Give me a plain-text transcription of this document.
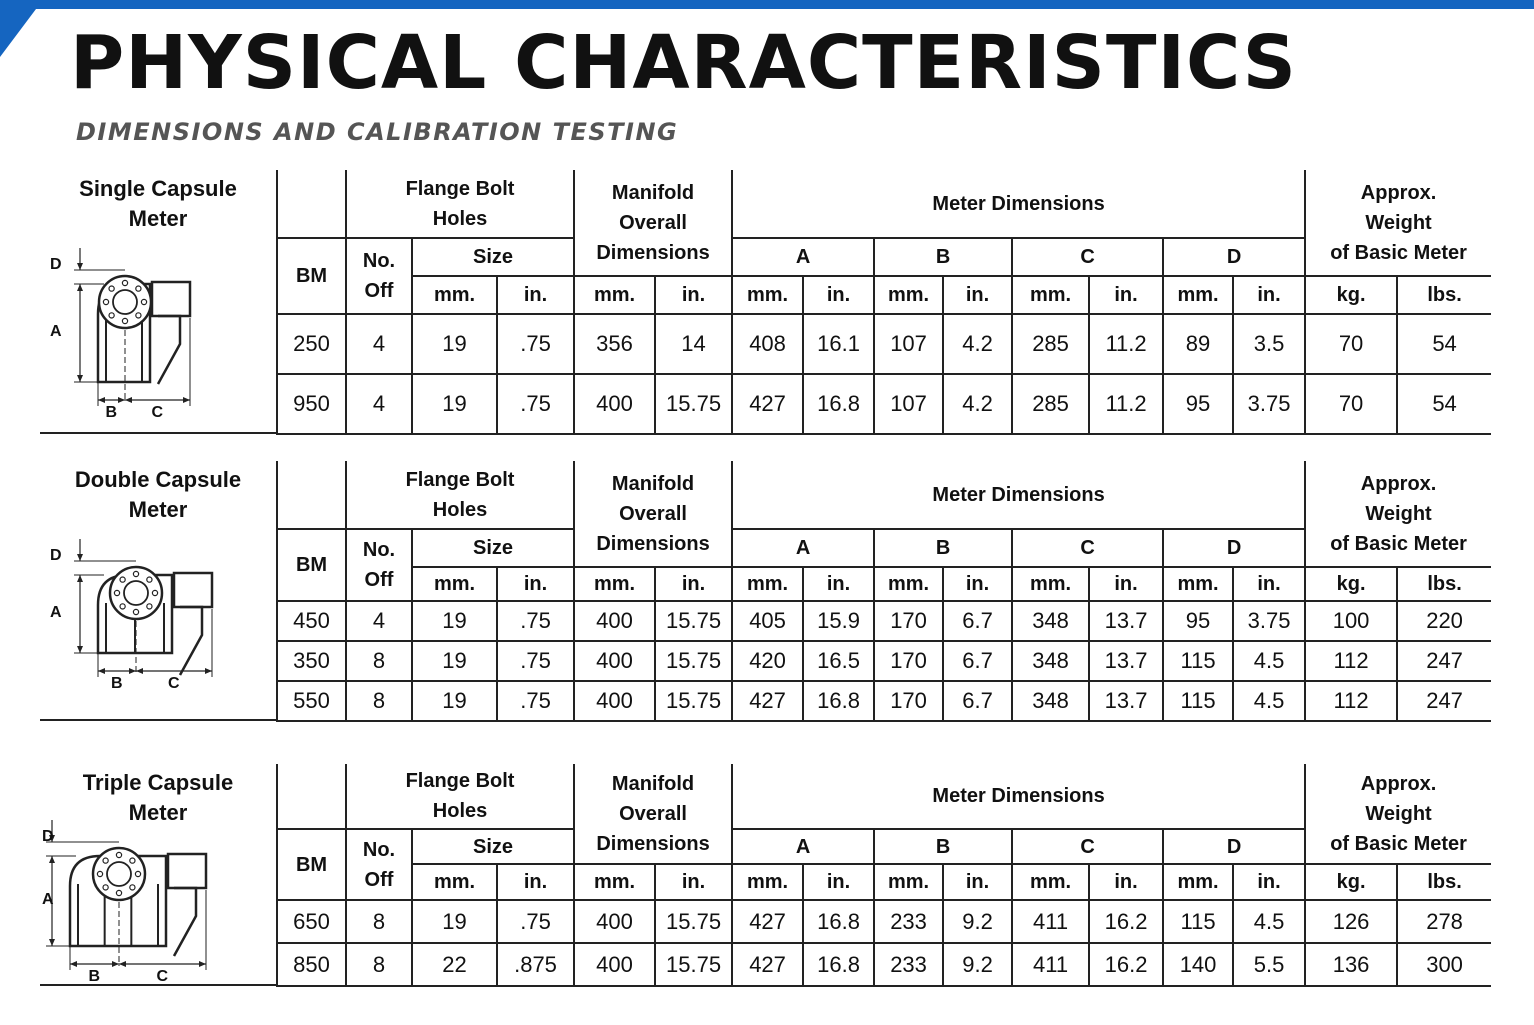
PHYSICAL CHARACTERISTICS
DIMENSIONS AND CALIBRATION TESTING
Single Capsule
Meter
D
A
B C

	Flange Bolt
Holes			Manifold
Overall
Dimensions		Meter Dimensions								Approx.
Weight
of Basic Meter	

BM	No.
Off	Size				A		B		C		D			
		mm.	in.	mm.	in.	mm.	in.	mm.	in.	mm.	in.	mm.	in.	kg.	lbs.
250	4	19	.75	356	14	408	16.1	107	4.2	285	11.2	89	3.5	70	54
950	4	19	.75	400	15.75	427	16.8	107	4.2	285	11.2	95	3.75	70	54
Double Capsule
Meter
D
A
B	C

	Flange Bolt
Holes			Manifold
Overall
Dimensions		Meter Dimensions								Approx.
Weight
of Basic Meter	

BM	No.
Off	Size				A		B		C		D			
		mm.	in.	mm.	in.	mm.	in.	mm.	in.	mm.	in.	mm.	in.	kg.	lbs.
450	4	19	.75	400	15.75	405	15.9	170	6.7	348	13.7	95	3.75	100	220
350	8	19	.75	400	15.75	420	16.5	170	6.7	348	13.7	115	4.5	112	247
550	8	19	.75	400	15.75	427	16.8	170	6.7	348	13.7	115	4.5	112	247
Triple Capsule
Meter
D
A
B	C

	Flange Bolt
Holes			Manifold
Overall
Dimensions		Meter Dimensions								Approx.
Weight
of Basic Meter	

BM	No.
Off	Size				A		B		C		D			
		mm.	in.	mm.	in.	mm.	in.	mm.	in.	mm.	in.	mm.	in.	kg.	lbs.
650	8	19	.75	400	15.75	427	16.8	233	9.2	411	16.2	115	4.5	126	278
850	8	22	.875	400	15.75	427	16.8	233	9.2	411	16.2	140	5.5	136	300
